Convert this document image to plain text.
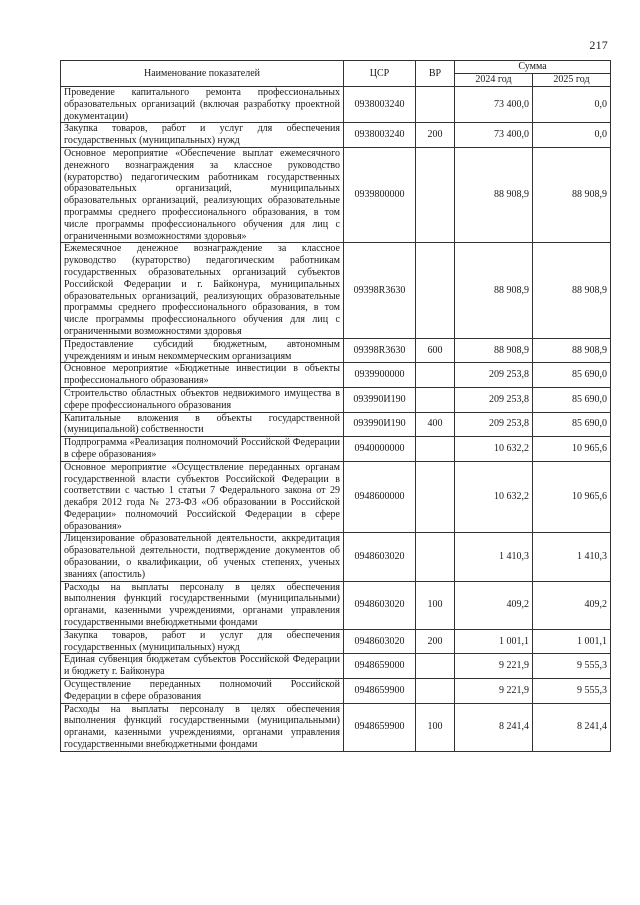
217
Наименование показателей	ЦСР	ВР	Сумма	
			2024 год	2025 год
Проведение капитального ремонта профессиональных образовательных организаций (включая разработку проектной документации)	0938003240		73 400,0	0,0
Закупка товаров, работ и услуг для обеспечения государственных (муниципальных) нужд	0938003240	200	73 400,0	0,0
Основное мероприятие «Обеспечение выплат ежемесячного денежного вознаграждения за классное руководство (кураторство) педагогическим работникам государственных образовательных организаций, муниципальных образовательных организаций, реализующих образовательные программы среднего профессионального образования, в том числе программы профессионального обучения для лиц с ограниченными возможностями здоровья»	0939800000		88 908,9	88 908,9
Ежемесячное денежное вознаграждение за классное руководство (кураторство) педагогическим работникам государственных образовательных организаций субъектов Российской Федерации и г. Байконура, муниципальных образовательных организаций, реализующих образовательные программы среднего профессионального образования, в том числе программы профессионального обучения для лиц с ограниченными возможностями здоровья	09398R3630		88 908,9	88 908,9
Предоставление субсидий бюджетным, автономным учреждениям и иным некоммерческим организациям	09398R3630	600	88 908,9	88 908,9
Основное мероприятие «Бюджетные инвестиции в объекты профессионального образования»	0939900000		209 253,8	85 690,0
Строительство областных объектов недвижимого имущества в сфере профессионального образования	093990И190		209 253,8	85 690,0
Капитальные вложения в объекты государственной (муниципальной) собственности	093990И190	400	209 253,8	85 690,0
Подпрограмма «Реализация полномочий Российской Федерации в сфере образования»	0940000000		10 632,2	10 965,6
Основное мероприятие «Осуществление переданных органам государственной власти субъектов Российской Федерации в соответствии с частью 1 статьи 7 Федерального закона от 29 декабря 2012 года № 273-ФЗ «Об образовании в Российской Федерации» полномочий Российской Федерации в сфере образования»	0948600000		10 632,2	10 965,6
Лицензирование образовательной деятельности, аккредитация образовательной деятельности, подтверждение документов об образовании, о квалификации, об ученых степенях, ученых званиях (апостиль)	0948603020		1 410,3	1 410,3
Расходы на выплаты персоналу в целях обеспечения выполнения функций государственными (муниципальными) органами, казенными учреждениями, органами управления государственными внебюджетными фондами	0948603020	100	409,2	409,2
Закупка товаров, работ и услуг для обеспечения государственных (муниципальных) нужд	0948603020	200	1 001,1	1 001,1
Единая субвенция бюджетам субъектов Российской Федерации и бюджету г. Байконура	0948659000		9 221,9	9 555,3
Осуществление переданных полномочий Российской Федерации в сфере образования	0948659900		9 221,9	9 555,3
Расходы на выплаты персоналу в целях обеспечения выполнения функций государственными (муниципальными) органами, казенными учреждениями, органами управления государственными внебюджетными фондами	0948659900	100	8 241,4	8 241,4
